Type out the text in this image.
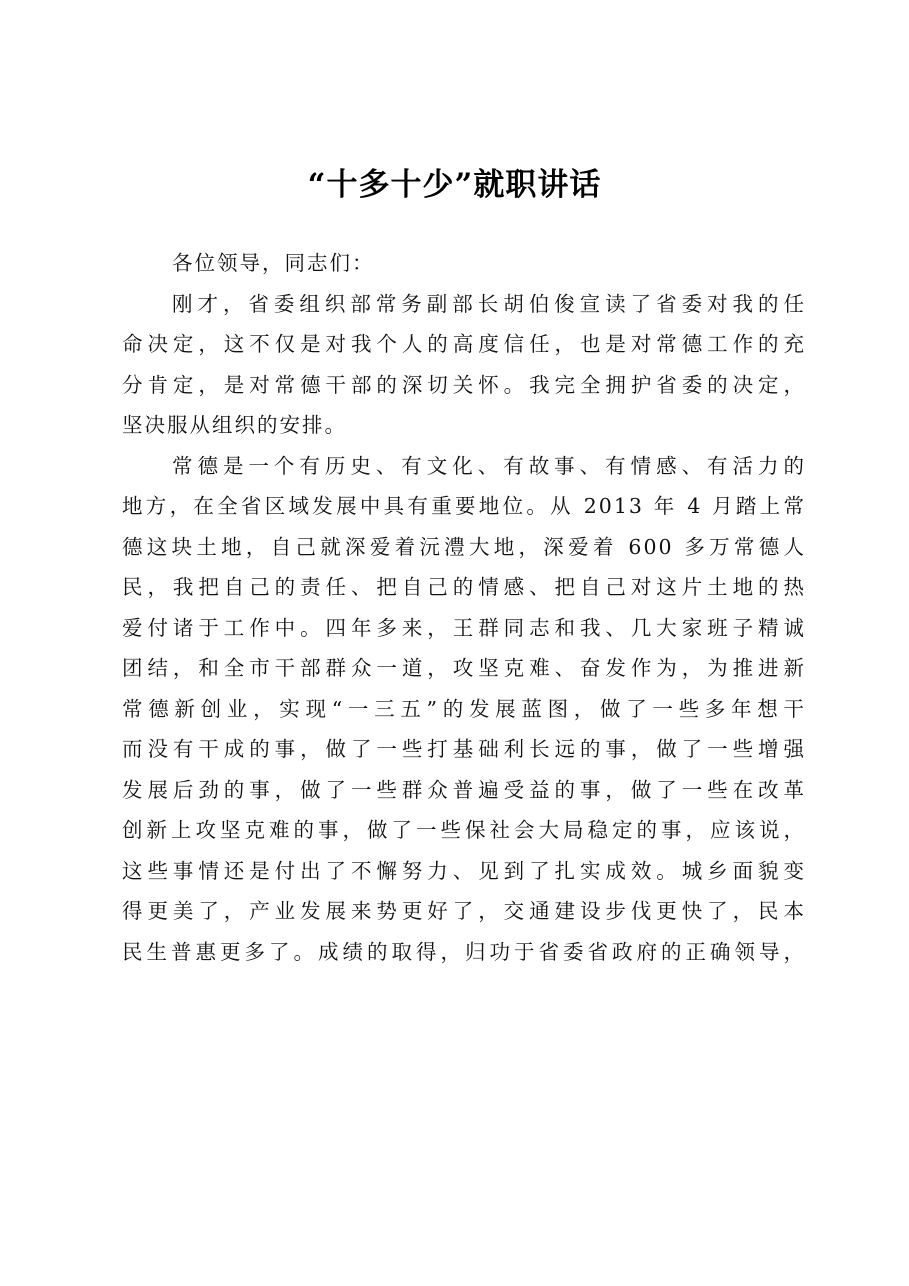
“十多十少”就职讲话
各位领导，同志们：
刚才，省委组织部常务副部长胡伯俊宣读了省委对我的任
命决定，这不仅是对我个人的高度信任，也是对常德工作的充
分肯定，是对常德干部的深切关怀。我完全拥护省委的决定，
坚决服从组织的安排。
常德是一个有历史、有文化、有故事、有情感、有活力的
地方，在全省区域发展中具有重要地位。从 2013 年 4 月踏上常
德这块土地，自己就深爱着沅澧大地，深爱着 600 多万常德人
民，我把自己的责任、把自己的情感、把自己对这片土地的热
爱付诸于工作中。四年多来，王群同志和我、几大家班子精诚
团结，和全市干部群众一道，攻坚克难、奋发作为，为推进新
常德新创业，实现“一三五”的发展蓝图，做了一些多年想干
而没有干成的事，做了一些打基础利长远的事，做了一些增强
发展后劲的事，做了一些群众普遍受益的事，做了一些在改革
创新上攻坚克难的事，做了一些保社会大局稳定的事，应该说，
这些事情还是付出了不懈努力、见到了扎实成效。城乡面貌变
得更美了，产业发展来势更好了，交通建设步伐更快了，民本
民生普惠更多了。成绩的取得，归功于省委省政府的正确领导，
